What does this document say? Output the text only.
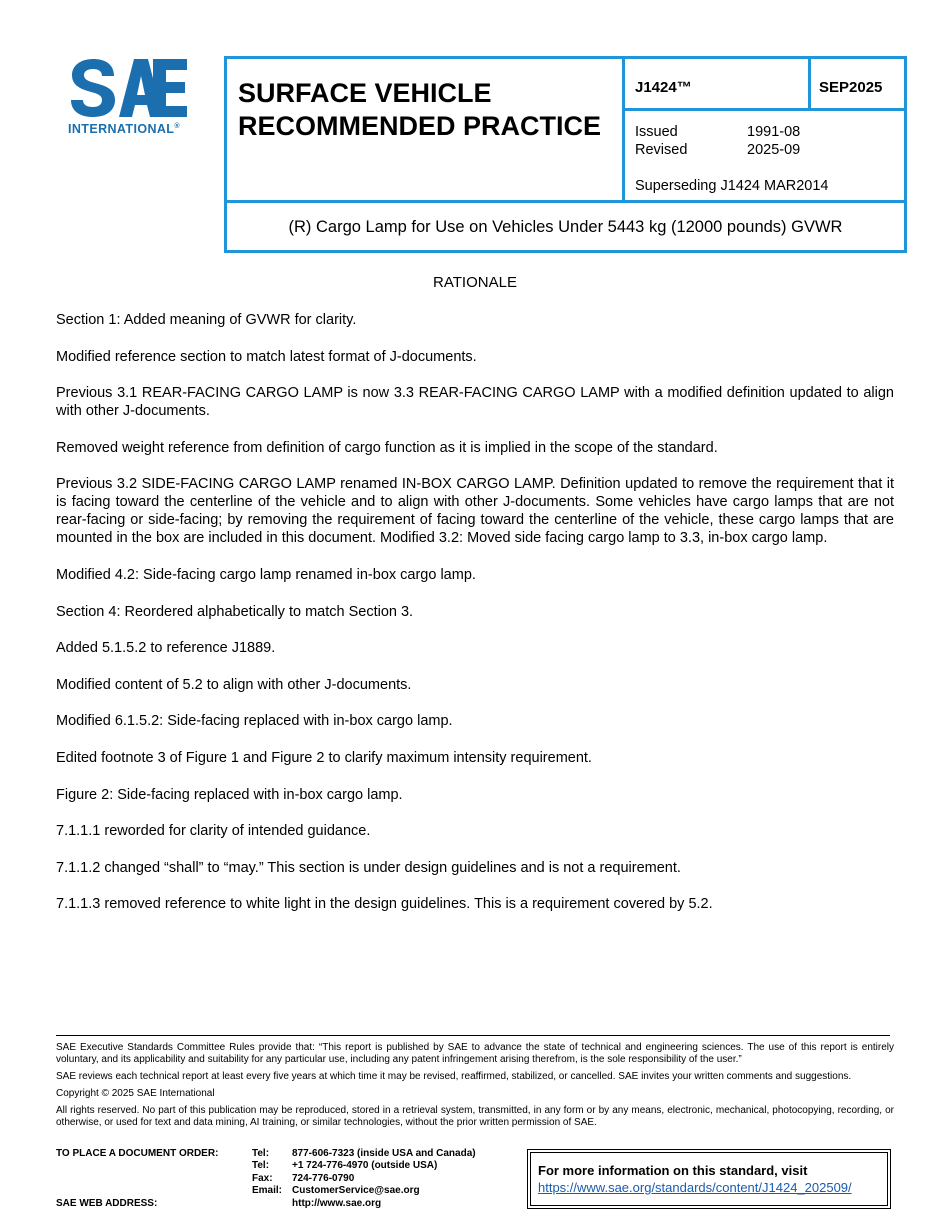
INTERNATIONAL®
SURFACE VEHICLE
RECOMMENDED PRACTICE
J1424™	SEP2025
Issued	1991-08
Revised	2025-09
Superseding J1424 MAR2014
(R) Cargo Lamp for Use on Vehicles Under 5443 kg (12000 pounds) GVWR
RATIONALE

Section 1: Added meaning of GVWR for clarity.

Modified reference section to match latest format of J-documents.

Previous 3.1 REAR-FACING CARGO LAMP is now 3.3 REAR-FACING CARGO LAMP with a modified definition updated to align with other J-documents.

Removed weight reference from definition of cargo function as it is implied in the scope of the standard.

Previous 3.2 SIDE-FACING CARGO LAMP renamed IN-BOX CARGO LAMP. Definition updated to remove the requirement that it is facing toward the centerline of the vehicle and to align with other J-documents. Some vehicles have cargo lamps that are not rear-facing or side-facing; by removing the requirement of facing toward the centerline of the vehicle, these cargo lamps that are mounted in the box are included in this document. Modified 3.2: Moved side facing cargo lamp to 3.3, in-box cargo lamp.

Modified 4.2: Side-facing cargo lamp renamed in-box cargo lamp.

Section 4: Reordered alphabetically to match Section 3.

Added 5.1.5.2 to reference J1889.

Modified content of 5.2 to align with other J-documents.

Modified 6.1.5.2: Side-facing replaced with in-box cargo lamp.

Edited footnote 3 of Figure 1 and Figure 2 to clarify maximum intensity requirement.

Figure 2: Side-facing replaced with in-box cargo lamp.

7.1.1.1 reworded for clarity of intended guidance.

7.1.1.2 changed “shall” to “may.” This section is under design guidelines and is not a requirement.

7.1.1.3 removed reference to white light in the design guidelines. This is a requirement covered by 5.2.

SAE Executive Standards Committee Rules provide that: “This report is published by SAE to advance the state of technical and engineering sciences. The use of this report is entirely voluntary, and its applicability and suitability for any particular use, including any patent infringement arising therefrom, is the sole responsibility of the user.”

SAE reviews each technical report at least every five years at which time it may be revised, reaffirmed, stabilized, or cancelled. SAE invites your written comments and suggestions.

Copyright © 2025 SAE International

All rights reserved. No part of this publication may be reproduced, stored in a retrieval system, transmitted, in any form or by any means, electronic, mechanical, photocopying, recording, or otherwise, or used for text and data mining, AI training, or similar technologies, without the prior written permission of SAE.

TO PLACE A DOCUMENT ORDER:	Tel: 877-606-7323 (inside USA and Canada)
Tel: +1 724-776-4970 (outside USA)
Fax: 724-776-0790
Email: CustomerService@sae.org
SAE WEB ADDRESS:	http://www.sae.org
For more information on this standard, visit
https://www.sae.org/standards/content/J1424_202509/
